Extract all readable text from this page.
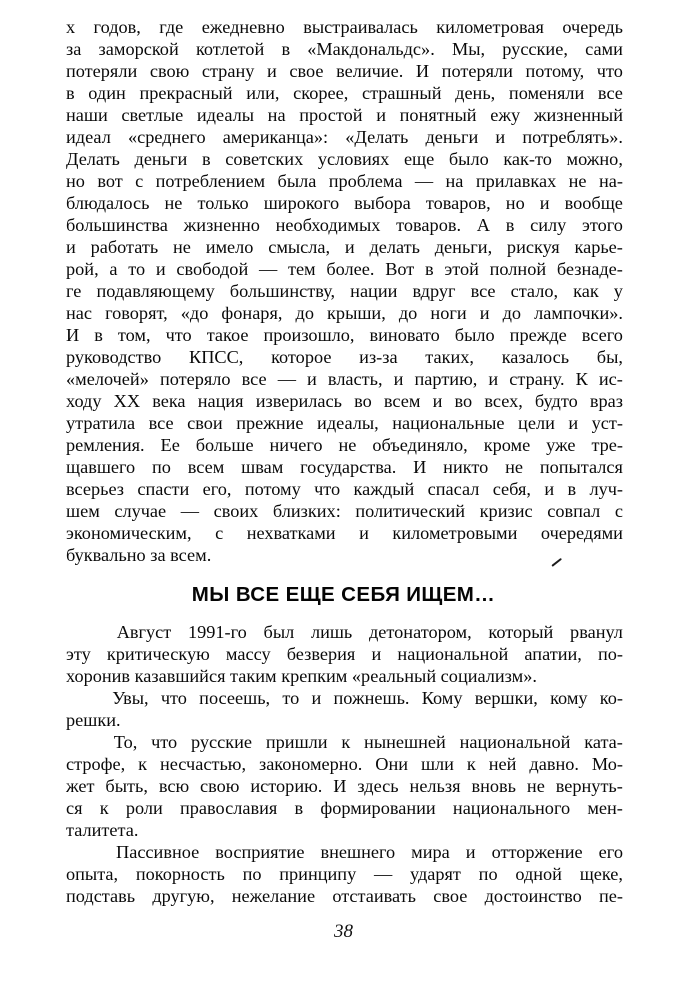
х годов, где ежедневно выстраивалась километровая очередь
за заморской котлетой в «Макдональдс». Мы, русские, сами
потеряли свою страну и свое величие. И потеряли потому, что
в один прекрасный или, скорее, страшный день, поменяли все
наши светлые идеалы на простой и понятный ежу жизненный
идеал «среднего американца»: «Делать деньги и потреблять».
Делать деньги в советских условиях еще было как-то можно,
но вот с потреблением была проблема — на прилавках не на-
блюдалось не только широкого выбора товаров, но и вообще
большинства жизненно необходимых товаров. А в силу этого
и работать не имело смысла, и делать деньги, рискуя карье-
рой, а то и свободой — тем более. Вот в этой полной безнаде-
ге подавляющему большинству, нации вдруг все стало, как у
нас говорят, «до фонаря, до крыши, до ноги и до лампочки».
И в том, что такое произошло, виновато было прежде всего
руководство КПСС, которое из-за таких, казалось бы,
«мелочей» потеряло все — и власть, и партию, и страну. К ис-
ходу ХХ века нация изверилась во всем и во всех, будто враз
утратила все свои прежние идеалы, национальные цели и уст-
ремления. Ее больше ничего не объединяло, кроме уже тре-
щавшего по всем швам государства. И никто не попытался
всерьез спасти его, потому что каждый спасал себя, и в луч-
шем случае — своих близких: политический кризис совпал с
экономическим, с нехватками и километровыми очередями
буквально за всем.
МЫ ВСЕ ЕЩЕ СЕБЯ ИЩЕМ…
Август 1991-го был лишь детонатором, который рванул
эту критическую массу безверия и национальной апатии, по-
хоронив казавшийся таким крепким «реальный социализм».
Увы, что посеешь, то и пожнешь. Кому вершки, кому ко-
решки.
То, что русские пришли к нынешней национальной ката-
строфе, к несчастью, закономерно. Они шли к ней давно. Мо-
жет быть, всю свою историю. И здесь нельзя вновь не вернуть-
ся к роли православия в формировании национального мен-
талитета.
Пассивное восприятие внешнего мира и отторжение его
опыта, покорность по принципу — ударят по одной щеке,
подставь другую, нежелание отстаивать свое достоинство пе-
38
